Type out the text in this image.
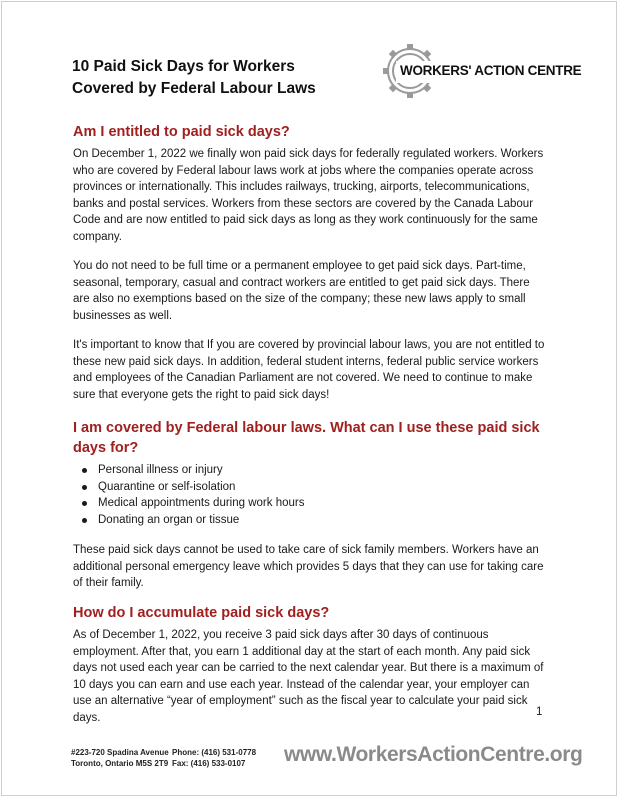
10 Paid Sick Days for Workers
Covered by Federal Labour Laws
WORKERS' ACTION CENTRE
Am I entitled to paid sick days?

On December 1, 2022 we finally won paid sick days for federally regulated workers. Workers who are covered by Federal labour laws work at jobs where the companies operate across provinces or internationally. This includes railways, trucking, airports, telecommunications, banks and postal services. Workers from these sectors are covered by the Canada Labour Code and are now entitled to paid sick days as long as they work continuously for the same company.

You do not need to be full time or a permanent employee to get paid sick days. Part-time, seasonal, temporary, casual and contract workers are entitled to get paid sick days. There are also no exemptions based on the size of the company; these new laws apply to small businesses as well.

It's important to know that If you are covered by provincial labour laws, you are not entitled to these new paid sick days. In addition, federal student interns, federal public service workers and employees of the Canadian Parliament are not covered. We need to continue to make sure that everyone gets the right to paid sick days!

I am covered by Federal labour laws. What can I use these paid sick days for?
Personal illness or injury
Quarantine or self-isolation
Medical appointments during work hours
Donating an organ or tissue

These paid sick days cannot be used to take care of sick family members. Workers have an additional personal emergency leave which provides 5 days that they can use for taking care of their family.

How do I accumulate paid sick days?

As of December 1, 2022, you receive 3 paid sick days after 30 days of continuous employment. After that, you earn 1 additional day at the start of each month. Any paid sick days not used each year can be carried to the next calendar year. But there is a maximum of 10 days you can earn and use each year. Instead of the calendar year, your employer can use an alternative “year of employment” such as the fiscal year to calculate your paid sick days.	1
#223-720 Spadina Avenue
Toronto, Ontario M5S 2T9
Phone: (416) 531-0778
Fax: (416) 533-0107	www.WorkersActionCentre.org
